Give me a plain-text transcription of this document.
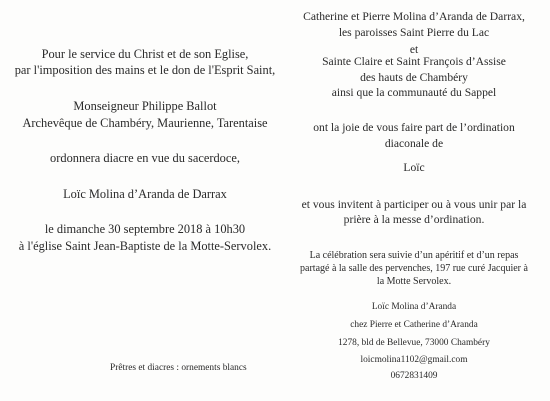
Pour le service du Christ et de son Eglise,
par l'imposition des mains et le don de l'Esprit Saint,
Monseigneur Philippe Ballot
Archevêque de Chambéry, Maurienne, Tarentaise
ordonnera diacre en vue du sacerdoce,
Loïc Molina d’Aranda de Darrax
le dimanche 30 septembre 2018 à 10h30
à l'église Saint Jean-Baptiste de la Motte-Servolex.
Prêtres et diacres : ornements blancs
Catherine et Pierre Molina d’Aranda de Darrax,
les paroisses Saint Pierre du Lac
et
Sainte Claire et Saint François d’Assise
des hauts de Chambéry
ainsi que la communauté du Sappel
ont la joie de vous faire part de l’ordination
diaconale de
Loïc
et vous invitent à participer ou à vous unir par la
prière à la messe d’ordination.
La célébration sera suivie d’un apéritif et d’un repas
partagé à la salle des pervenches, 197 rue curé Jacquier à
la Motte Servolex.
Loïc Molina d’Aranda
chez Pierre et Catherine d’Aranda
1278, bld de Bellevue, 73000 Chambéry
loicmolina1102@gmail.com
0672831409
